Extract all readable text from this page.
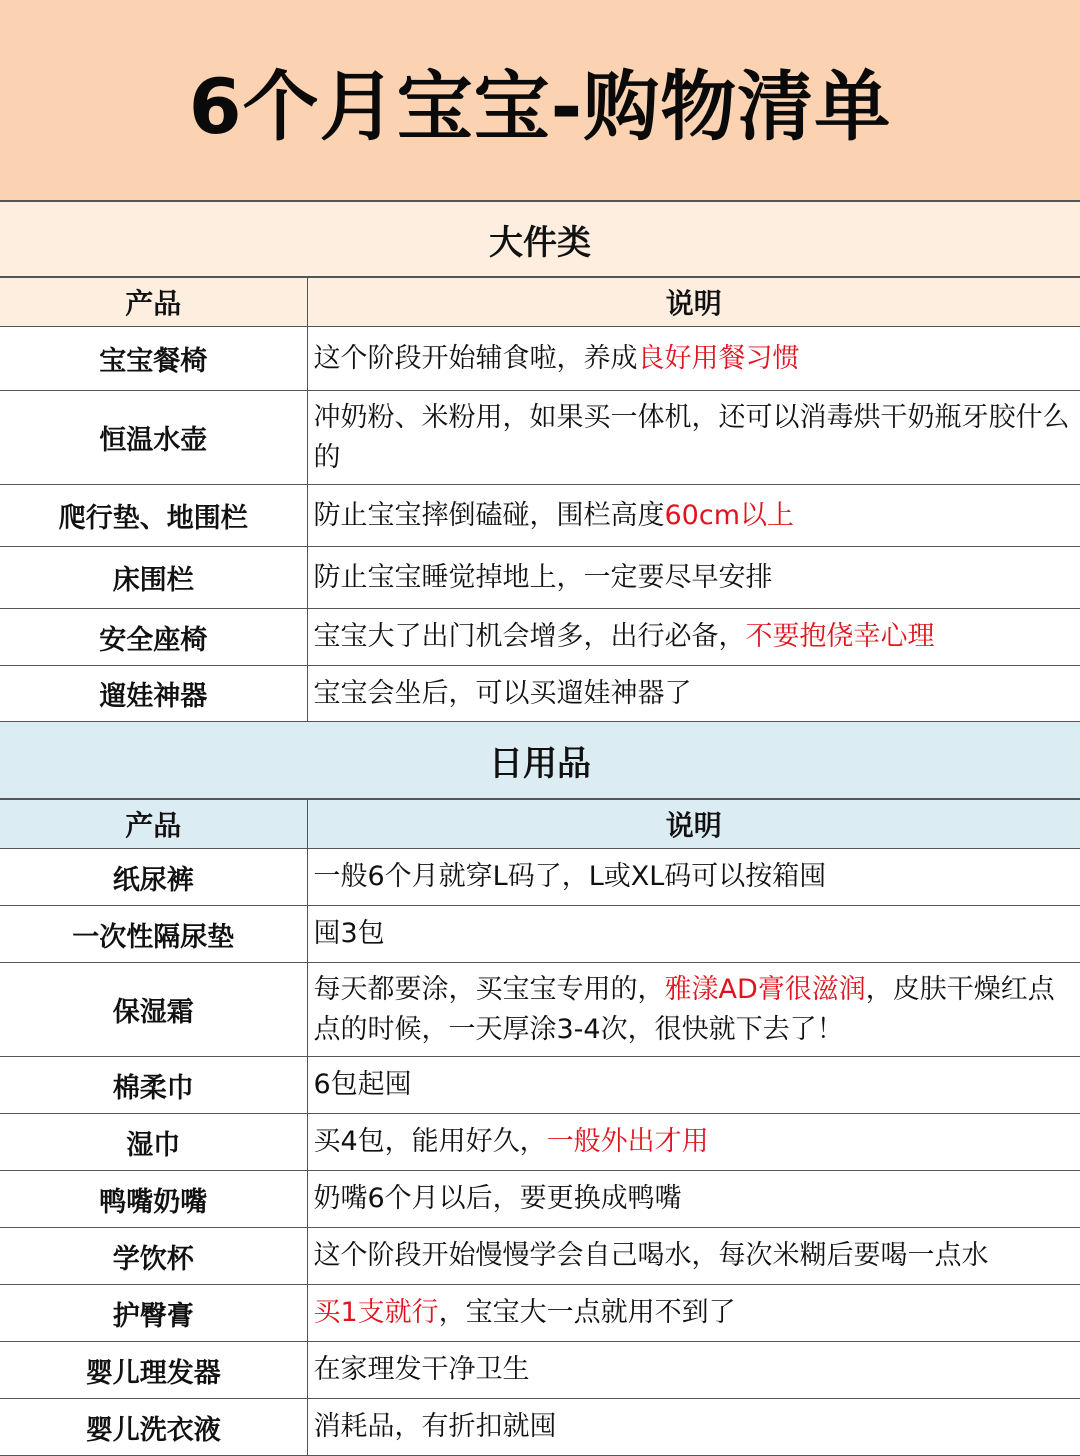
6个月宝宝-购物清单
大件类
产品	说明
宝宝餐椅	这个阶段开始辅食啦，养成良好用餐习惯
恒温水壶	冲奶粉、米粉用，如果买一体机，还可以消毒烘干奶瓶牙胶什么的
爬行垫、地围栏	防止宝宝摔倒磕碰，围栏高度60cm以上
床围栏	防止宝宝睡觉掉地上，一定要尽早安排
安全座椅	宝宝大了出门机会增多，出行必备，不要抱侥幸心理
遛娃神器	宝宝会坐后，可以买遛娃神器了
日用品
产品	说明
纸尿裤	一般6个月就穿L码了，L或XL码可以按箱囤
一次性隔尿垫	囤3包
保湿霜	每天都要涂，买宝宝专用的，雅漾AD膏很滋润，皮肤干燥红点点的时候，一天厚涂3-4次，很快就下去了！
棉柔巾	6包起囤
湿巾	买4包，能用好久，一般外出才用
鸭嘴奶嘴	奶嘴6个月以后，要更换成鸭嘴
学饮杯	这个阶段开始慢慢学会自己喝水，每次米糊后要喝一点水
护臀膏	买1支就行，宝宝大一点就用不到了
婴儿理发器	在家理发干净卫生
婴儿洗衣液	消耗品，有折扣就囤
